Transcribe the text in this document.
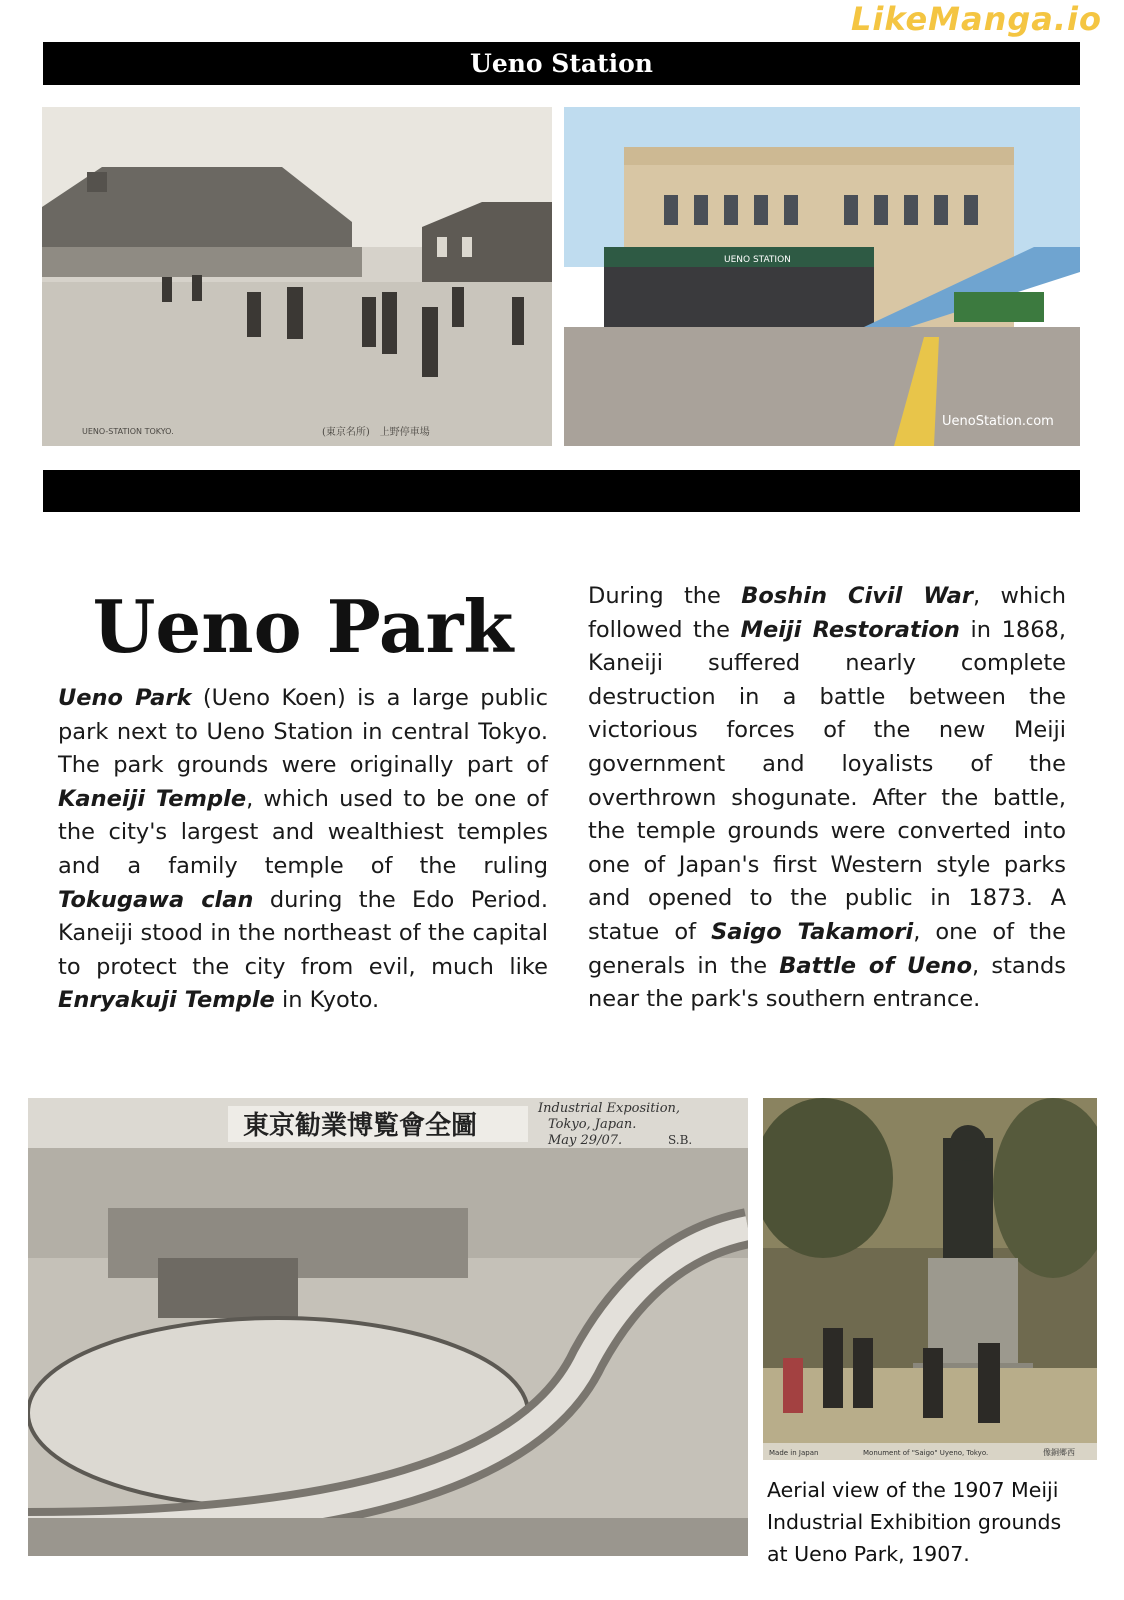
LikeManga.io
Ueno Station
UENO-STATION TOKYO.	(東京名所)　上野停車場
UENO STATION
UenoStation.com
Ueno Park

Ueno Park (Ueno Koen) is a large public park next to Ueno Station in central Tokyo. The park grounds were originally part of Kaneiji Temple, which used to be one of the city's largest and wealthiest temples and a family temple of the ruling Tokugawa clan during the Edo Period. Kaneiji stood in the northeast of the capital to protect the city from evil, much like Enryakuji Temple in Kyoto.

During the Boshin Civil War, which followed the Meiji Restoration in 1868, Kaneiji suffered nearly complete destruction in a battle between the victorious forces of the new Meiji government and loyalists of the overthrown shogunate. After the battle, the temple grounds were converted into one of Japan's first Western style parks and opened to the public in 1873. A statue of Saigo Takamori, one of the generals in the Battle of Ueno, stands near the park's southern entrance.

東京勧業博覧會全圖
Industrial Exposition,
Tokyo, Japan.
May 29/07.	S.B.
Made in Japan	Monument of "Saigo" Uyeno, Tokyo.	像銅郷西

Aerial view of the 1907 Meiji Industrial Exhibition grounds at Ueno Park, 1907.
